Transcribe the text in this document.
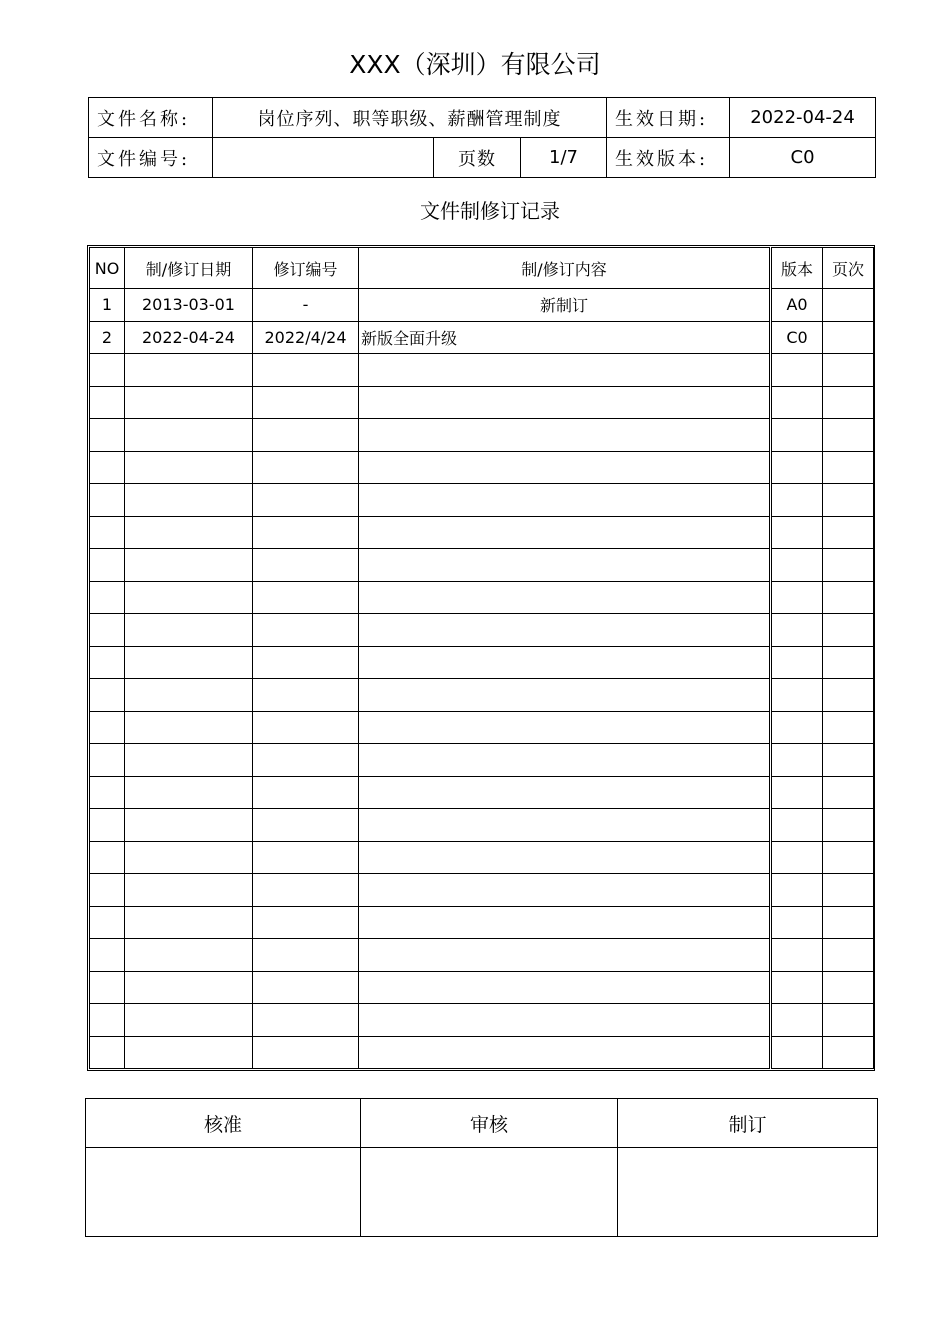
XXX（深圳）有限公司
文件名称:	岗位序列、职等职级、薪酬管理制度			生效日期:	2022-04-24
文件编号:		页数	1/7	生效版本:	C0
文件制修订记录
NO	制/修订日期	修订编号	制/修订内容	版本	页次
1	2013-03-01	-	新制订	A0	
2	2022-04-24	2022/4/24	新版全面升级	C0	

核准	审核	制订
